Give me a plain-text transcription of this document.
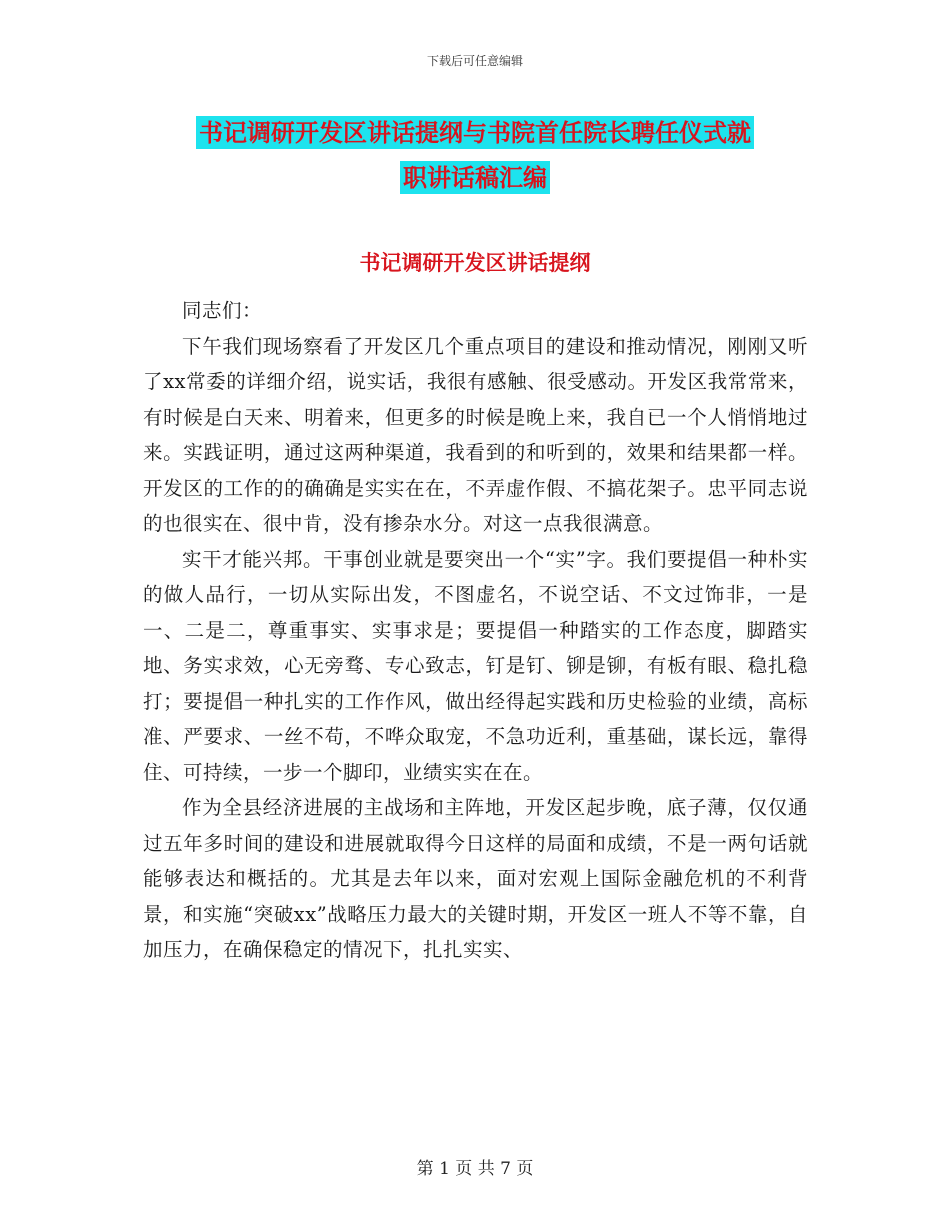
下载后可任意编辑
书记调研开发区讲话提纲与书院首任院长聘任仪式就
职讲话稿汇编
书记调研开发区讲话提纲

同志们：

下午我们现场察看了开发区几个重点项目的建设和推动情况，刚刚又听了xx常委的详细介绍，说实话，我很有感触、很受感动。开发区我常常来，有时候是白天来、明着来，但更多的时候是晚上来，我自已一个人悄悄地过来。实践证明，通过这两种渠道，我看到的和听到的，效果和结果都一样。开发区的工作的的确确是实实在在，不弄虚作假、不搞花架子。忠平同志说的也很实在、很中肯，没有掺杂水分。对这一点我很满意。

实干才能兴邦。干事创业就是要突出一个“实”字。我们要提倡一种朴实的做人品行，一切从实际出发，不图虚名，不说空话、不文过饰非，一是一、二是二，尊重事实、实事求是；要提倡一种踏实的工作态度，脚踏实地、务实求效，心无旁骛、专心致志，钉是钉、铆是铆，有板有眼、稳扎稳打；要提倡一种扎实的工作作风，做出经得起实践和历史检验的业绩，高标准、严要求、一丝不苟，不哗众取宠，不急功近利，重基础，谋长远，靠得住、可持续，一步一个脚印，业绩实实在在。

作为全县经济进展的主战场和主阵地，开发区起步晚，底子薄，仅仅通过五年多时间的建设和进展就取得今日这样的局面和成绩，不是一两句话就能够表达和概括的。尤其是去年以来，面对宏观上国际金融危机的不利背景，和实施“突破xx”战略压力最大的关键时期，开发区一班人不等不靠，自加压力，在确保稳定的情况下，扎扎实实、

第 1 页 共 7 页
